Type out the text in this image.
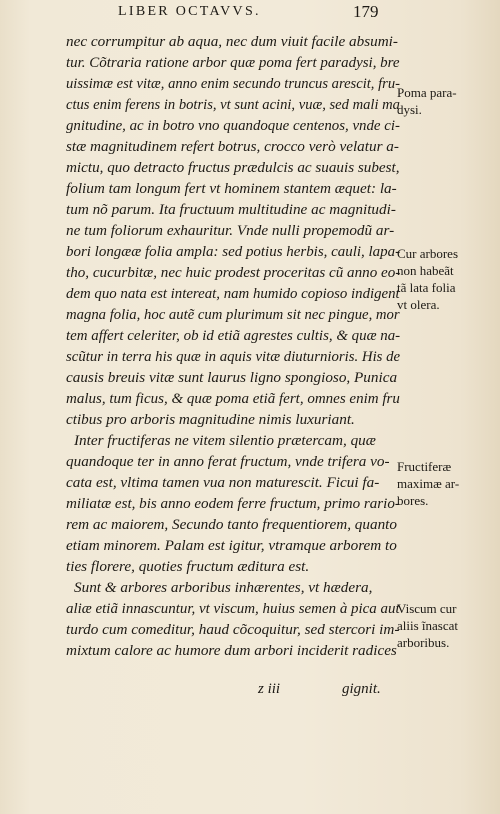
LIBER OCTAVVS.	179
nec corrumpitur ab aqua, nec dum viuit facile absumi-
tur. Cõtraria ratione arbor quæ poma fert paradysi, bre
uissimæ est vitæ, anno enim secundo truncus arescit, fru-
ctus enim ferens in botris, vt sunt acini, vuæ, sed mali ma
gnitudine, ac in botro vno quandoque centenos, vnde ci-
stæ magnitudinem refert botrus, crocco verò velatur a-
mictu, quo detracto fructus prædulcis ac suauis subest,
folium tam longum fert vt hominem stantem æquet: la-
tum nõ parum. Ita fructuum multitudine ac magnitudi-
ne tum foliorum exhauritur. Vnde nulli propemodũ ar-
bori longææ folia ampla: sed potius herbis, cauli, lapa-
tho, cucurbitæ, nec huic prodest proceritas cũ anno eo-
dem quo nata est intereat, nam humido copioso indigent
magna folia, hoc autẽ cum plurimum sit nec pingue, mor
tem affert celeriter, ob id etiã agrestes cultis, & quæ na-
scũtur in terra his quæ in aquis vitæ diuturnioris. His de
causis breuis vitæ sunt laurus ligno spongioso, Punica
malus, tum ficus, & quæ poma etiã fert, omnes enim fru
ctibus pro arboris magnitudine nimis luxuriant.
Inter fructiferas ne vitem silentio prætercam, quæ
quandoque ter in anno ferat fructum, vnde trifera vo-
cata est, vltima tamen vua non maturescit. Ficui fa-
miliatæ est, bis anno eodem ferre fructum, primo rario-
rem ac maiorem, Secundo tanto frequentiorem, quanto
etiam minorem. Palam est igitur, vtramque arborem to
ties florere, quoties fructum æditura est.
Sunt & arbores arboribus inhærentes, vt hædera,
aliæ etiã innascuntur, vt viscum, huius semen à pica aut
turdo cum comeditur, haud cõcoquitur, sed stercori im-
mixtum calore ac humore dum arbori inciderit radices
Poma para-
dysi.
Cur arbores
non habeãt
tã lata folia
vt olera.
Fructiferæ
maximæ ar-
bores.
Viscum cur
aliis ĩnascat
arboribus.
z iii	gignit.
